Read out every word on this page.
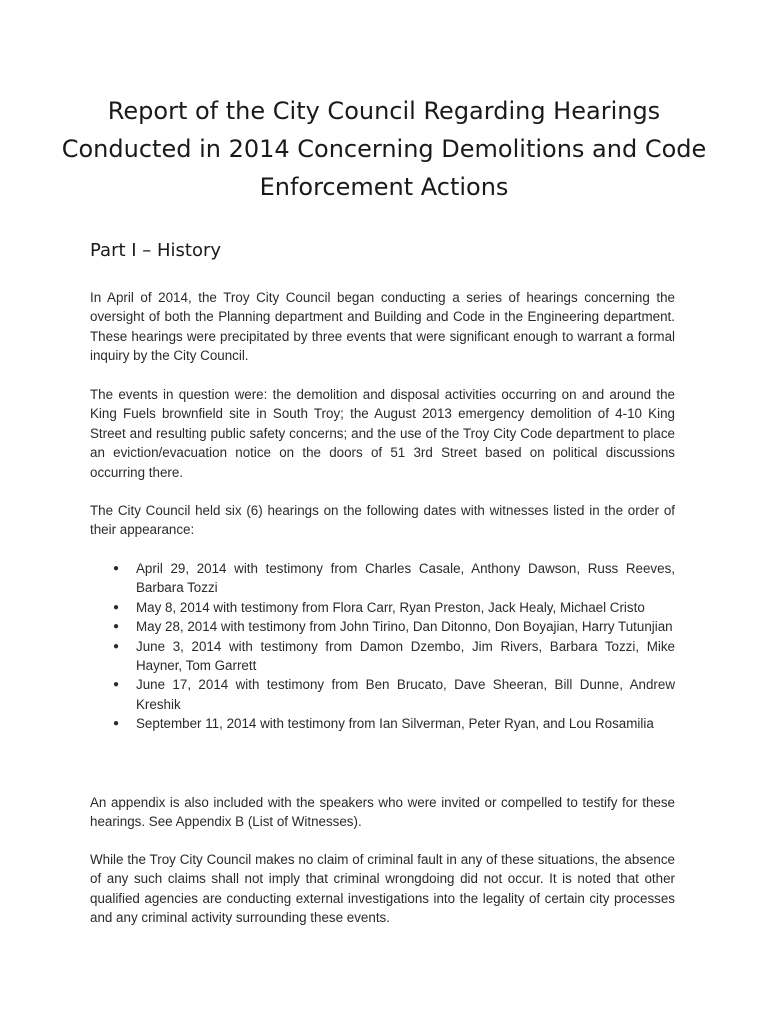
Report of the City Council Regarding Hearings Conducted in 2014 Concerning Demolitions and Code Enforcement Actions
Part I – History

In April of 2014, the Troy City Council began conducting a series of hearings concerning the oversight of both the Planning department and Building and Code in the Engineering department. These hearings were precipitated by three events that were significant enough to warrant a formal inquiry by the City Council.

The events in question were: the demolition and disposal activities occurring on and around the King Fuels brownfield site in South Troy; the August 2013 emergency demolition of 4-10 King Street and resulting public safety concerns; and the use of the Troy City Code department to place an eviction/evacuation notice on the doors of 51 3rd Street based on political discussions occurring there.

The City Council held six (6) hearings on the following dates with witnesses listed in the order of their appearance:

● April 29, 2014 with testimony from Charles Casale, Anthony Dawson, Russ Reeves, Barbara Tozzi
● May 8, 2014 with testimony from Flora Carr, Ryan Preston, Jack Healy, Michael Cristo
● May 28, 2014 with testimony from John Tirino, Dan Ditonno, Don Boyajian, Harry Tutunjian
● June 3, 2014 with testimony from Damon Dzembo, Jim Rivers, Barbara Tozzi, Mike Hayner, Tom Garrett
● June 17, 2014 with testimony from Ben Brucato, Dave Sheeran, Bill Dunne, Andrew Kreshik
● September 11, 2014 with testimony from Ian Silverman, Peter Ryan, and Lou Rosamilia

An appendix is also included with the speakers who were invited or compelled to testify for these hearings. See Appendix B (List of Witnesses).

While the Troy City Council makes no claim of criminal fault in any of these situations, the absence of any such claims shall not imply that criminal wrongdoing did not occur. It is noted that other qualified agencies are conducting external investigations into the legality of certain city processes and any criminal activity surrounding these events.
